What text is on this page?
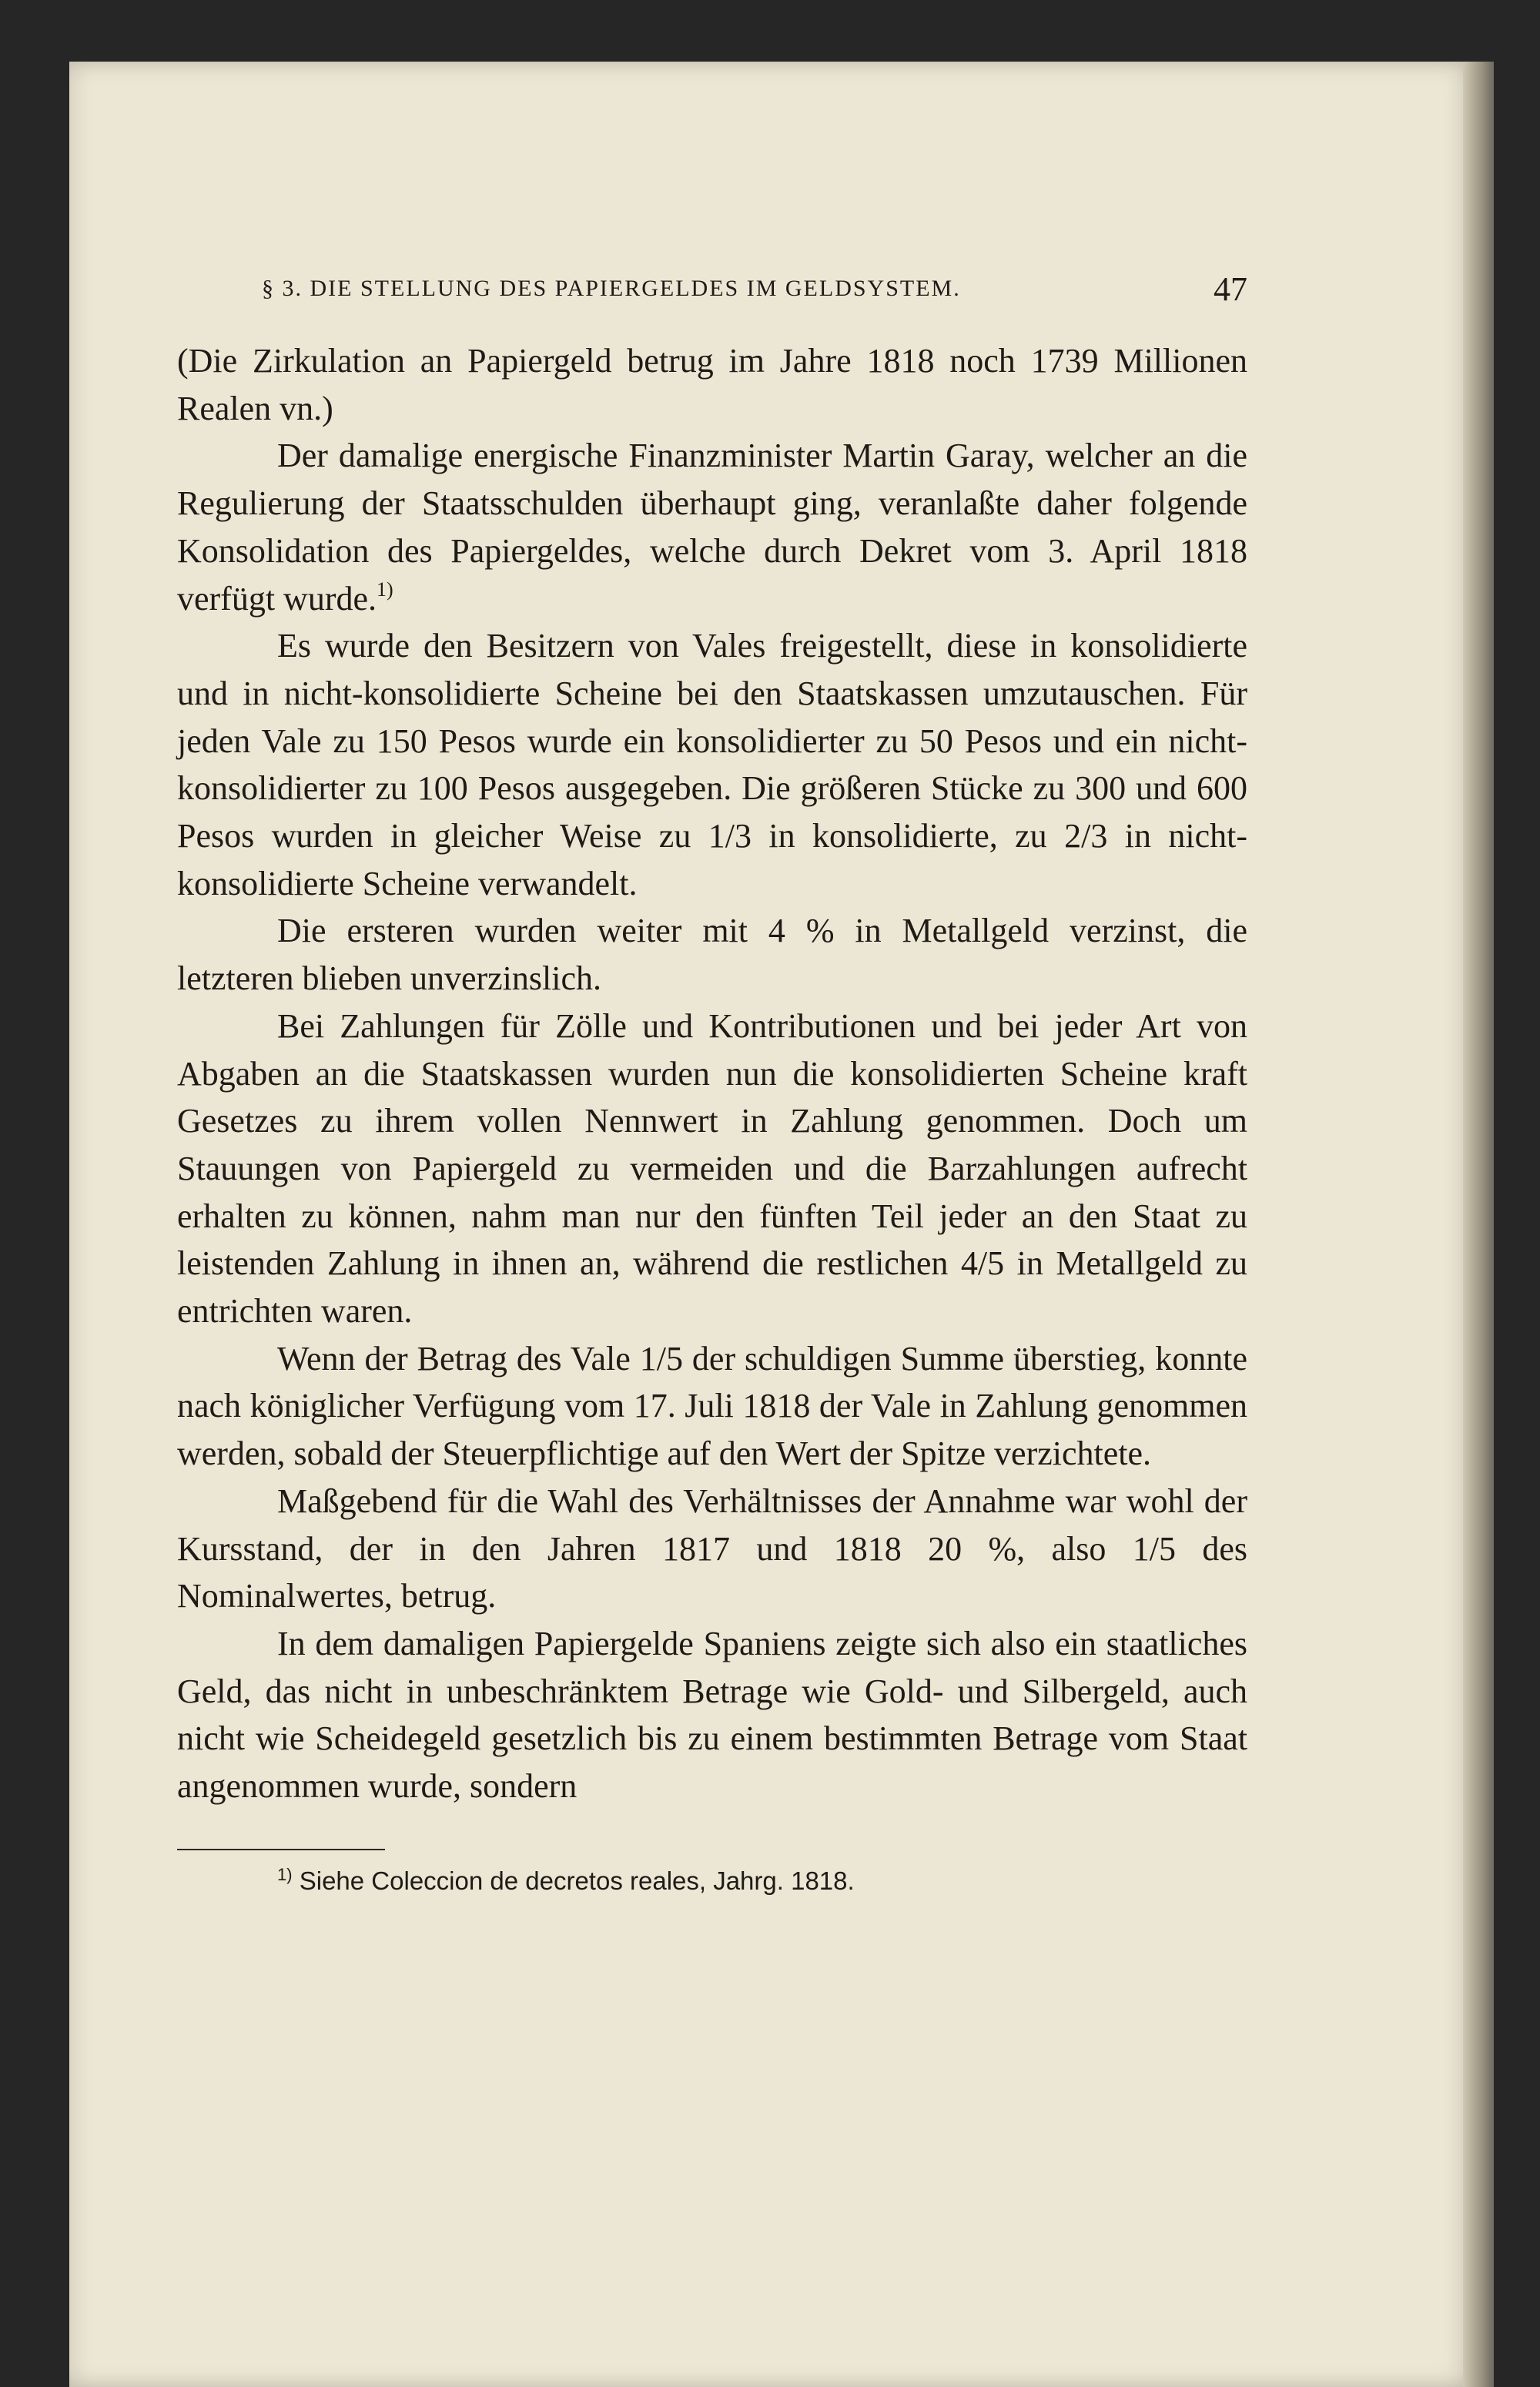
§ 3. DIE STELLUNG DES PAPIERGELDES IM GELDSYSTEM.	47

(Die Zirkulation an Papiergeld betrug im Jahre 1818 noch 1739 Millionen Realen vn.)

Der damalige energische Finanzminister Martin Garay, welcher an die Regulierung der Staatsschulden überhaupt ging, veranlaßte daher folgende Konsolidation des Papiergeldes, welche durch Dekret vom 3. April 1818 verfügt wurde.$^{1)}$

Es wurde den Besitzern von Vales freigestellt, diese in konsolidierte und in nicht-konsolidierte Scheine bei den Staatskassen umzutauschen. Für jeden Vale zu 150 Pesos wurde ein konsolidierter zu 50 Pesos und ein nicht-konsolidierter zu 100 Pesos ausgegeben. Die größeren Stücke zu 300 und 600 Pesos wurden in gleicher Weise zu 1/3 in konsolidierte, zu 2/3 in nicht-konsolidierte Scheine verwandelt.

Die ersteren wurden weiter mit 4 % in Metallgeld verzinst, die letzteren blieben unverzinslich.

Bei Zahlungen für Zölle und Kontributionen und bei jeder Art von Abgaben an die Staatskassen wurden nun die konsolidierten Scheine kraft Gesetzes zu ihrem vollen Nennwert in Zahlung genommen. Doch um Stauungen von Papiergeld zu vermeiden und die Barzahlungen aufrecht erhalten zu können, nahm man nur den fünften Teil jeder an den Staat zu leistenden Zahlung in ihnen an, während die restlichen 4/5 in Metallgeld zu entrichten waren.

Wenn der Betrag des Vale 1/5 der schuldigen Summe überstieg, konnte nach königlicher Verfügung vom 17. Juli 1818 der Vale in Zahlung genommen werden, sobald der Steuerpflichtige auf den Wert der Spitze verzichtete.

Maßgebend für die Wahl des Verhältnisses der Annahme war wohl der Kursstand, der in den Jahren 1817 und 1818 20 %, also 1/5 des Nominalwertes, betrug.

In dem damaligen Papiergelde Spaniens zeigte sich also ein staatliches Geld, das nicht in unbeschränktem Betrage wie Gold- und Silbergeld, auch nicht wie Scheidegeld gesetzlich bis zu einem bestimmten Betrage vom Staat angenommen wurde, sondern

$^{1)}$ Siehe Coleccion de decretos reales, Jahrg. 1818.
